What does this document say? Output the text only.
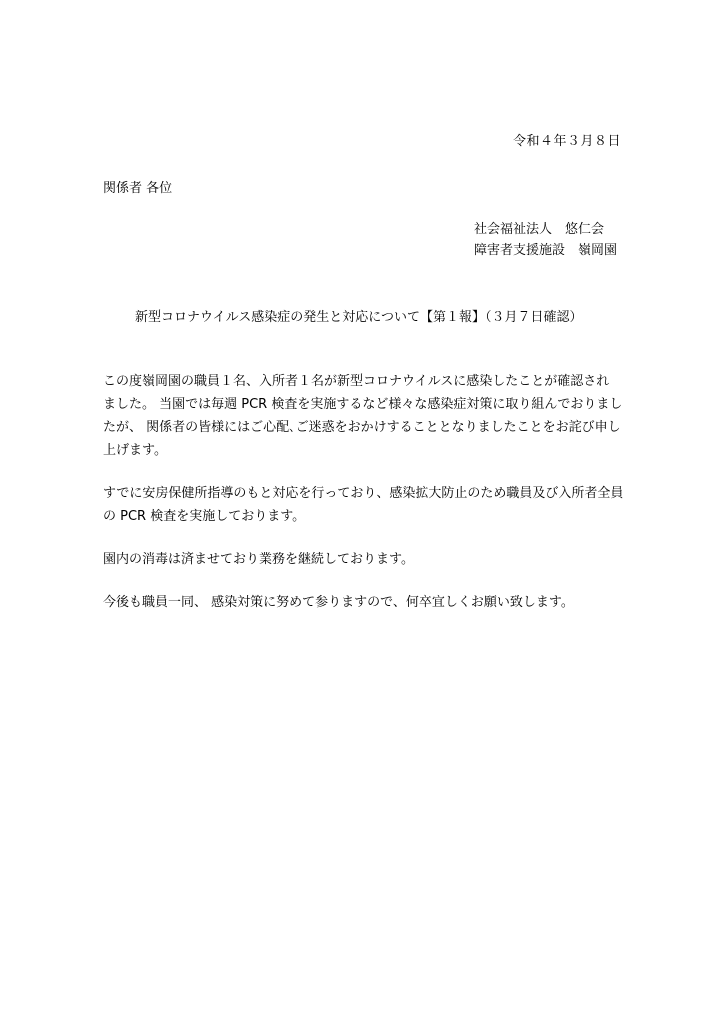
令和４年３月８日
関係者 各位
社会福祉法人　悠仁会
障害者支援施設　嶺岡園
新型コロナウイルス感染症の発生と対応について【第１報】（３月７日確認）

この度嶺岡園の職員１名、入所者１名が新型コロナウイルスに感染したことが確認され
ました。 当園では毎週 PCR 検査を実施するなど様々な感染症対策に取り組んでおりまし
たが、 関係者の皆様にはご心配､ご迷惑をおかけすることとなりましたことをお詫び申し
上げます。

すでに安房保健所指導のもと対応を行っており、感染拡大防止のため職員及び入所者全員
の PCR 検査を実施しております。

園内の消毒は済ませており業務を継続しております。

今後も職員一同、 感染対策に努めて参りますので、何卒宜しくお願い致します。
